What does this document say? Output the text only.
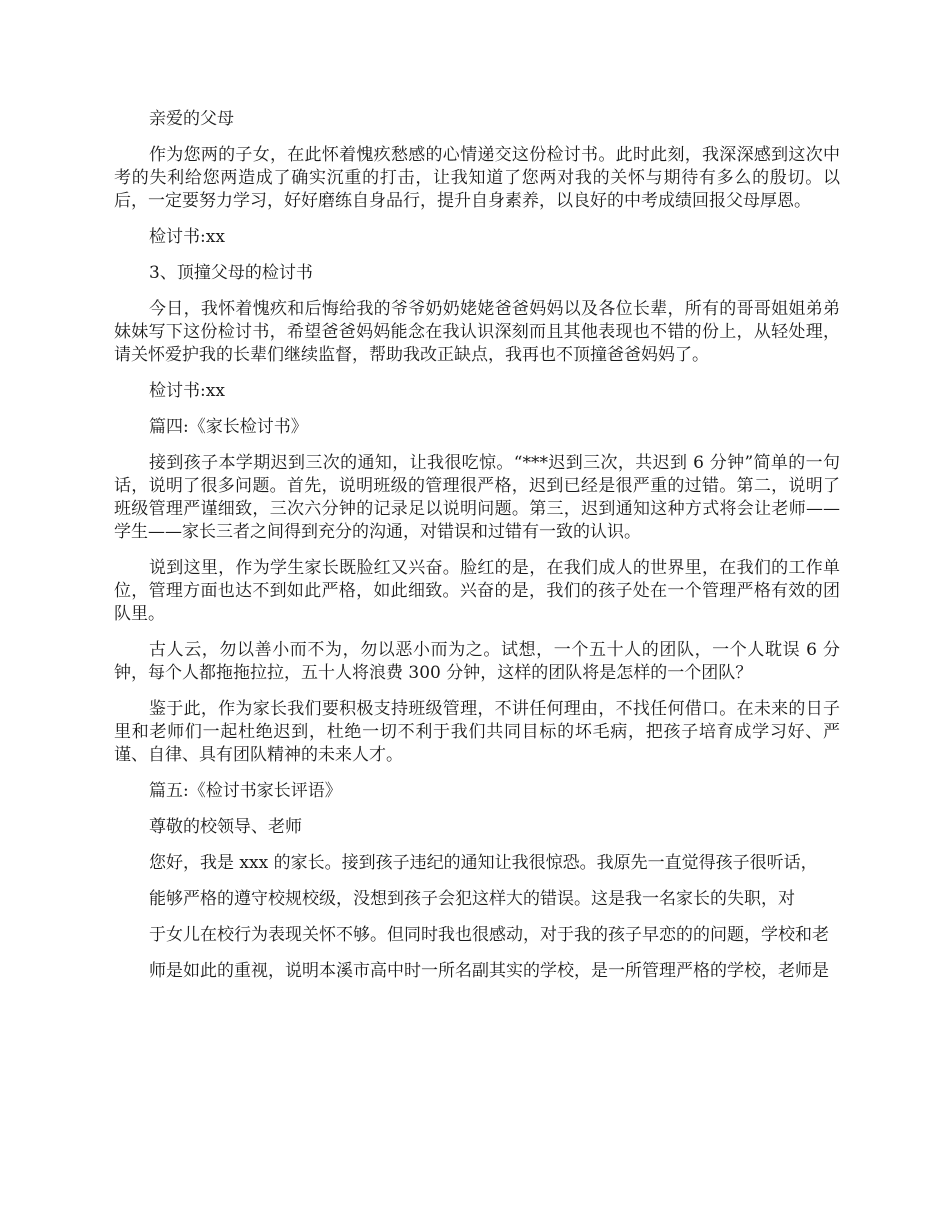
亲爱的父母

作为您两的子女，在此怀着愧疚愁感的心情递交这份检讨书。此时此刻，我深深感到这次中考的失利给您两造成了确实沉重的打击，让我知道了您两对我的关怀与期待有多么的殷切。以后，一定要努力学习，好好磨练自身品行，提升自身素养，以良好的中考成绩回报父母厚恩。

检讨书:xx

3、顶撞父母的检讨书

今日，我怀着愧疚和后悔给我的爷爷奶奶姥姥爸爸妈妈以及各位长辈，所有的哥哥姐姐弟弟妹妹写下这份检讨书，希望爸爸妈妈能念在我认识深刻而且其他表现也不错的份上，从轻处理，请关怀爱护我的长辈们继续监督，帮助我改正缺点，我再也不顶撞爸爸妈妈了。

检讨书:xx

篇四:《家长检讨书》

接到孩子本学期迟到三次的通知，让我很吃惊。“***迟到三次，共迟到 6 分钟”简单的一句话，说明了很多问题。首先，说明班级的管理很严格，迟到已经是很严重的过错。第二，说明了班级管理严谨细致，三次六分钟的记录足以说明问题。第三，迟到通知这种方式将会让老师——学生——家长三者之间得到充分的沟通，对错误和过错有一致的认识。

说到这里，作为学生家长既脸红又兴奋。脸红的是，在我们成人的世界里，在我们的工作单位，管理方面也达不到如此严格，如此细致。兴奋的是，我们的孩子处在一个管理严格有效的团队里。

古人云，勿以善小而不为，勿以恶小而为之。试想，一个五十人的团队，一个人耽误 6 分钟，每个人都拖拖拉拉，五十人将浪费 300 分钟，这样的团队将是怎样的一个团队？

鉴于此，作为家长我们要积极支持班级管理，不讲任何理由，不找任何借口。在未来的日子里和老师们一起杜绝迟到，杜绝一切不利于我们共同目标的坏毛病，把孩子培育成学习好、严谨、自律、具有团队精神的未来人才。

篇五:《检讨书家长评语》

尊敬的校领导、老师

您好，我是 xxx 的家长。接到孩子违纪的通知让我很惊恐。我原先一直觉得孩子很听话，

能够严格的遵守校规校级，没想到孩子会犯这样大的错误。这是我一名家长的失职，对

于女儿在校行为表现关怀不够。但同时我也很感动，对于我的孩子早恋的的问题，学校和老

师是如此的重视，说明本溪市高中时一所名副其实的学校，是一所管理严格的学校，老师是
